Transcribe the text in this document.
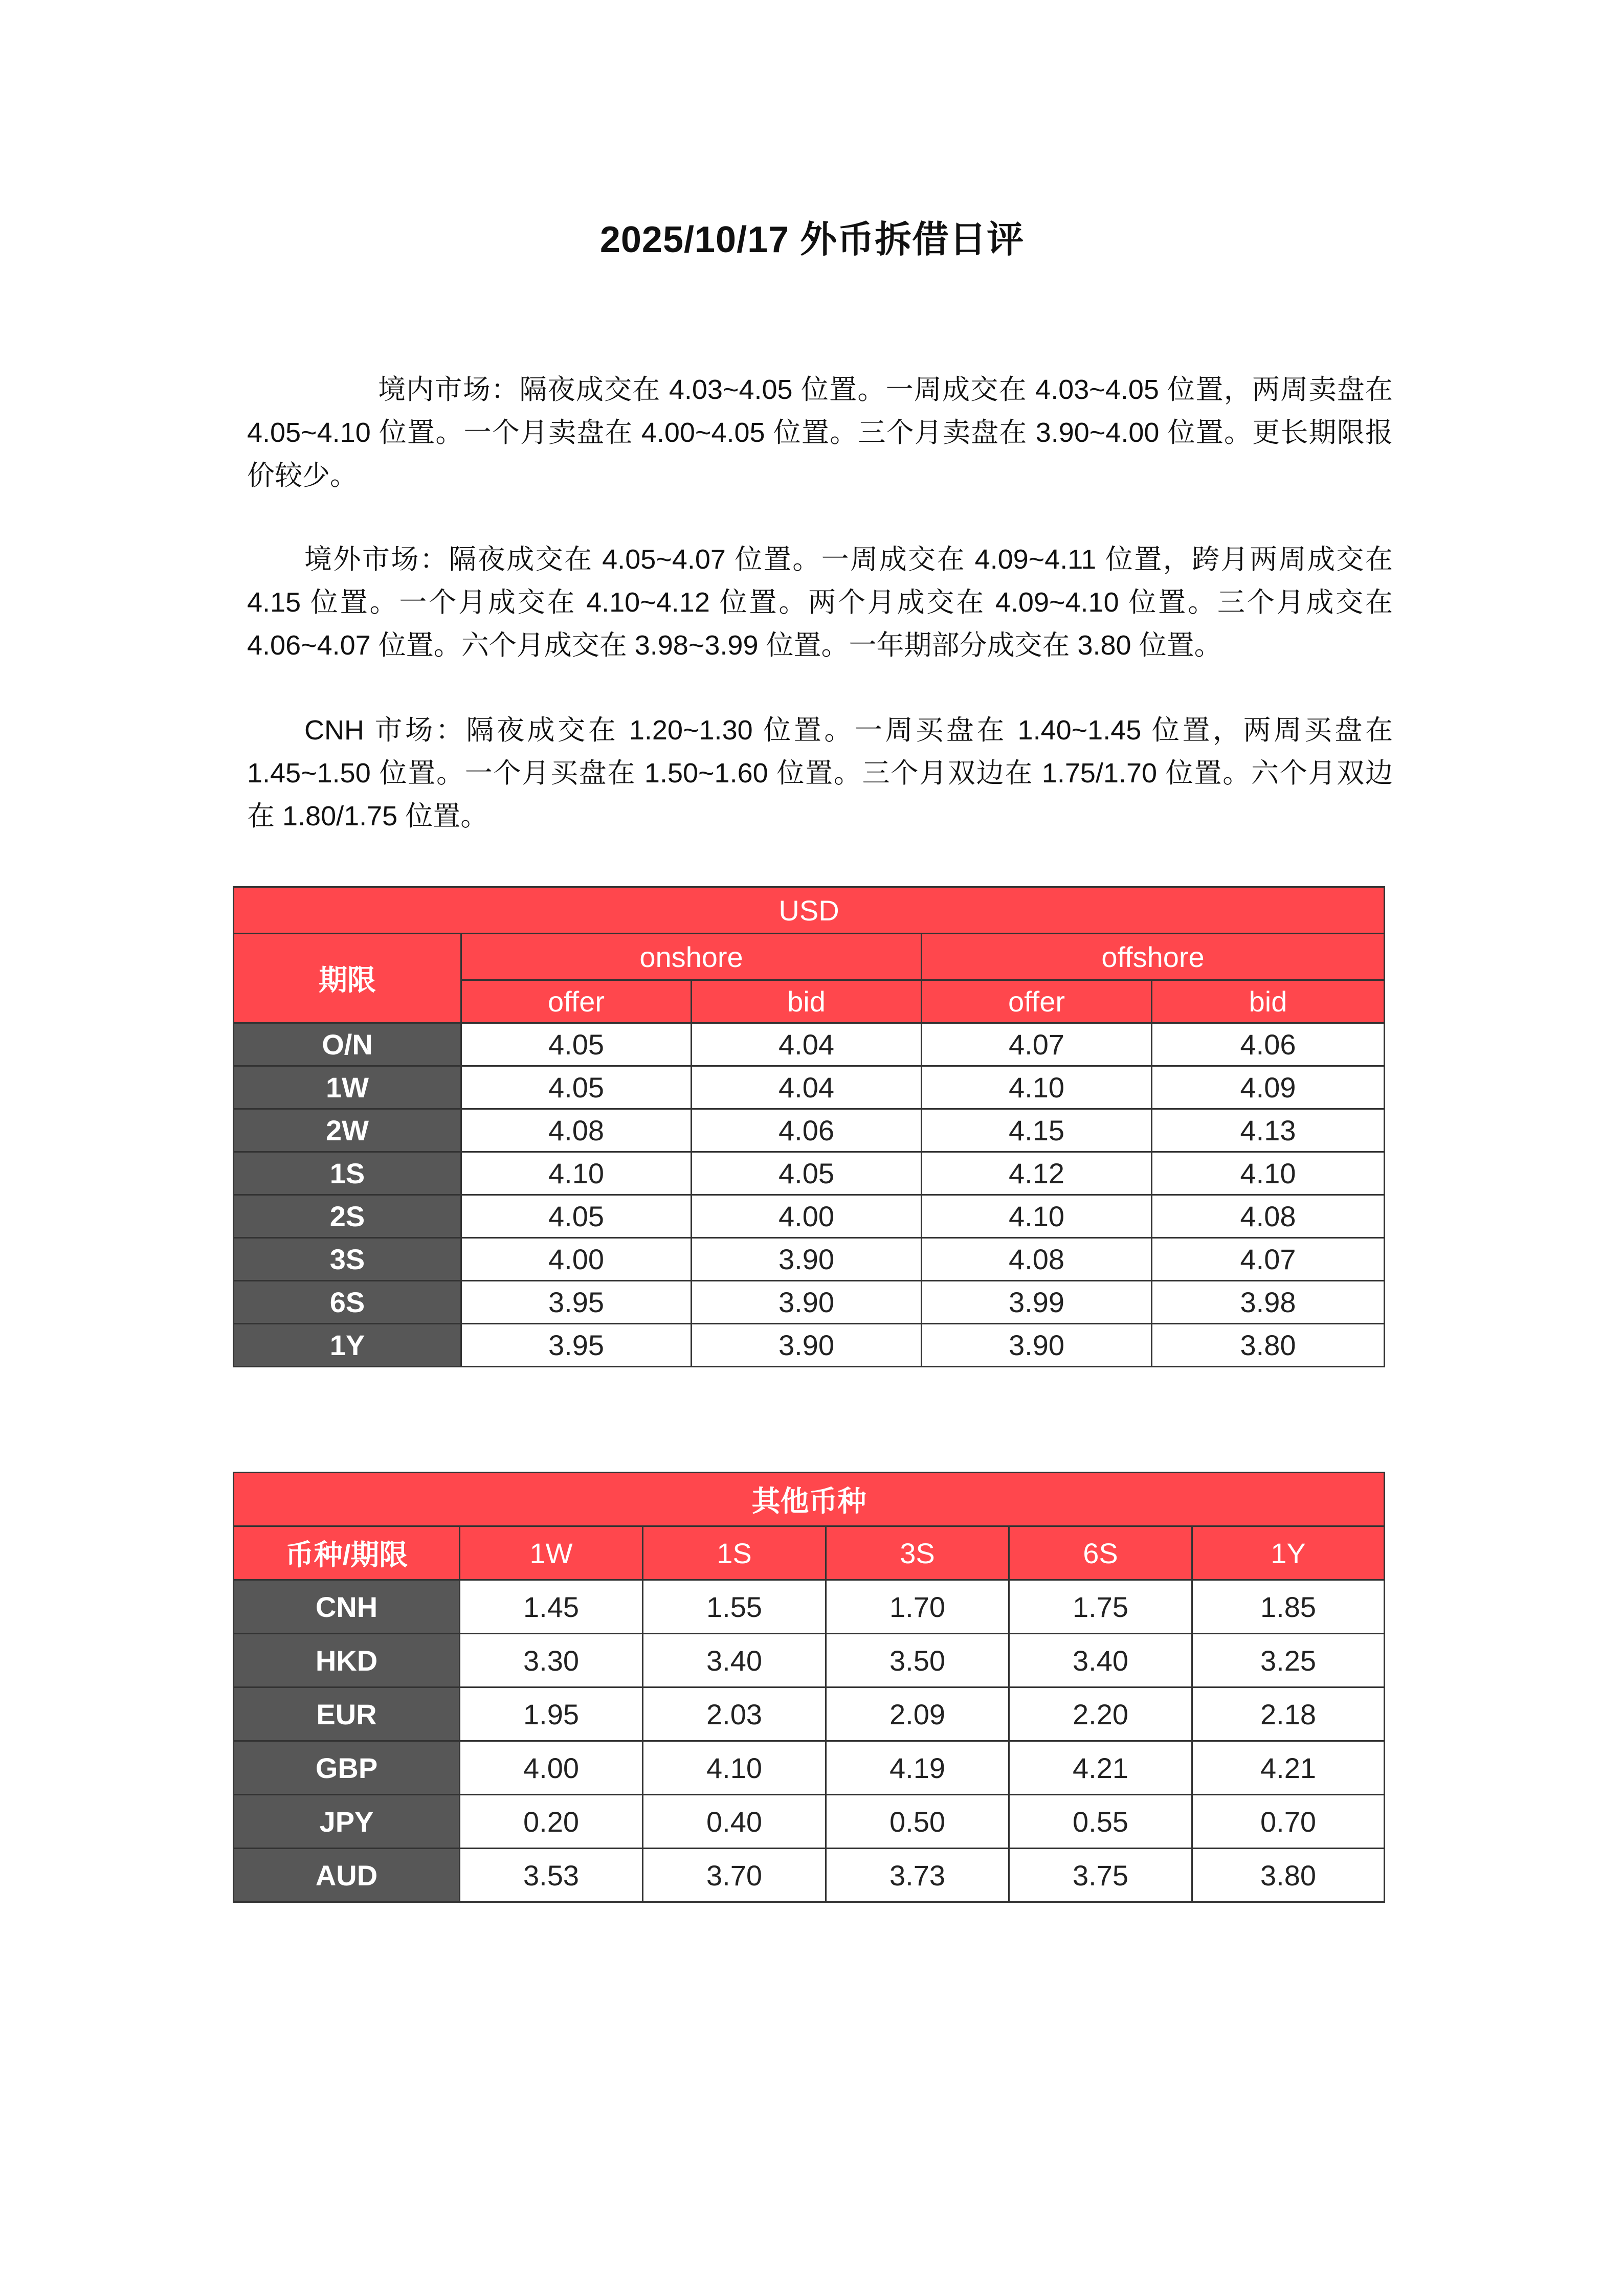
2025/10/17 外币拆借日评

境内市场：隔夜成交在 4.03~4.05 位置。一周成交在 4.03~4.05 位置，两周卖盘在 4.05~4.10 位置。一个月卖盘在 4.00~4.05 位置。三个月卖盘在 3.90~4.00 位置。更长期限报价较少。

境外市场：隔夜成交在 4.05~4.07 位置。一周成交在 4.09~4.11 位置，跨月两周成交在 4.15 位置。一个月成交在 4.10~4.12 位置。两个月成交在 4.09~4.10 位置。三个月成交在 4.06~4.07 位置。六个月成交在 3.98~3.99 位置。一年期部分成交在 3.80 位置。

CNH 市场：隔夜成交在 1.20~1.30 位置。一周买盘在 1.40~1.45 位置，两周买盘在 1.45~1.50 位置。一个月买盘在 1.50~1.60 位置。三个月双边在 1.75/1.70 位置。六个月双边在 1.80/1.75 位置。

USD				
期限	onshore		offshore	
	offer	bid	offer	bid
O/N	4.05	4.04	4.07	4.06
1W	4.05	4.04	4.10	4.09
2W	4.08	4.06	4.15	4.13
1S	4.10	4.05	4.12	4.10
2S	4.05	4.00	4.10	4.08
3S	4.00	3.90	4.08	4.07
6S	3.95	3.90	3.99	3.98
1Y	3.95	3.90	3.90	3.80
其他币种					
币种/期限	1W	1S	3S	6S	1Y
CNH	1.45	1.55	1.70	1.75	1.85
HKD	3.30	3.40	3.50	3.40	3.25
EUR	1.95	2.03	2.09	2.20	2.18
GBP	4.00	4.10	4.19	4.21	4.21
JPY	0.20	0.40	0.50	0.55	0.70
AUD	3.53	3.70	3.73	3.75	3.80
